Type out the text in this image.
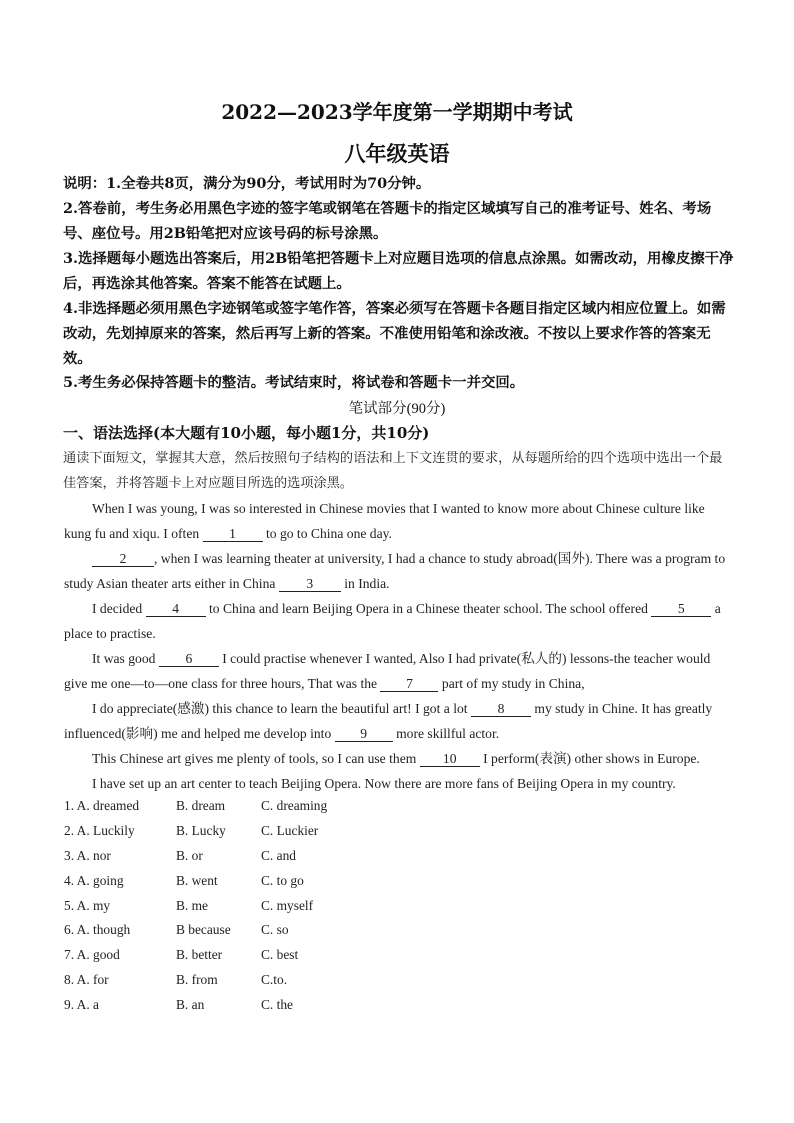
2022—2023学年度第一学期期中考试
八年级英语
说明：1.全卷共8页，满分为90分，考试用时为70分钟。
2.答卷前，考生务必用黑色字迹的签字笔或钢笔在答题卡的指定区域填写自己的准考证号、姓名、考场号、座位号。用2B铅笔把对应该号码的标号涂黑。
3.选择题每小题选出答案后，用2B铅笔把答题卡上对应题目选项的信息点涂黑。如需改动，用橡皮擦干净后，再选涂其他答案。答案不能答在试题上。
4.非选择题必须用黑色字迹钢笔或签字笔作答，答案必须写在答题卡各题目指定区域内相应位置上。如需改动，先划掉原来的答案，然后再写上新的答案。不准使用铅笔和涂改液。不按以上要求作答的答案无效。
5.考生务必保持答题卡的整洁。考试结束时，将试卷和答题卡一并交回。
笔试部分(90分)
一、语法选择(本大题有10小题，每小题1分，共10分)
通读下面短文，掌握其大意，然后按照句子结构的语法和上下文连贯的要求，从每题所给的四个选项中选出一个最佳答案，并将答题卡上对应题目所选的选项涂黑。
When I was young, I was so interested in Chinese movies that I wanted to know more about Chinese culture like kung fu and xiqu. I often 1 to go to China one day.
2 , when I was learning theater at university, I had a chance to study abroad(国外). There was a program to study Asian theater arts either in China 3 in India.
I decided 4 to China and learn Beijing Opera in a Chinese theater school. The school offered 5 a place to practise.
It was good 6 I could practise whenever I wanted, Also I had private(私人的) lessons-the teacher would give me one—to—one class for three hours, That was the 7 part of my study in China,
I do appreciate(感激) this chance to learn the beautiful art! I got a lot 8 my study in Chine. It has greatly influenced(影响) me and helped me develop into 9 more skillful actor.
This Chinese art gives me plenty of tools, so I can use them 10 I perform(表演) other shows in Europe.
I have set up an art center to teach Beijing Opera. Now there are more fans of Beijing Opera in my country.
1. A. dreamed	B. dream	C. dreaming
2. A. Luckily	B. Lucky	C. Luckier
3. A. nor	B. or	C. and
4. A. going	B. went	C. to go
5. A. my	B. me	C. myself
6. A. though	B because C. so
7. A. good	B. better	C. best
8. A. for	B. from	C.to.
9. A. a	B. an	C. the
